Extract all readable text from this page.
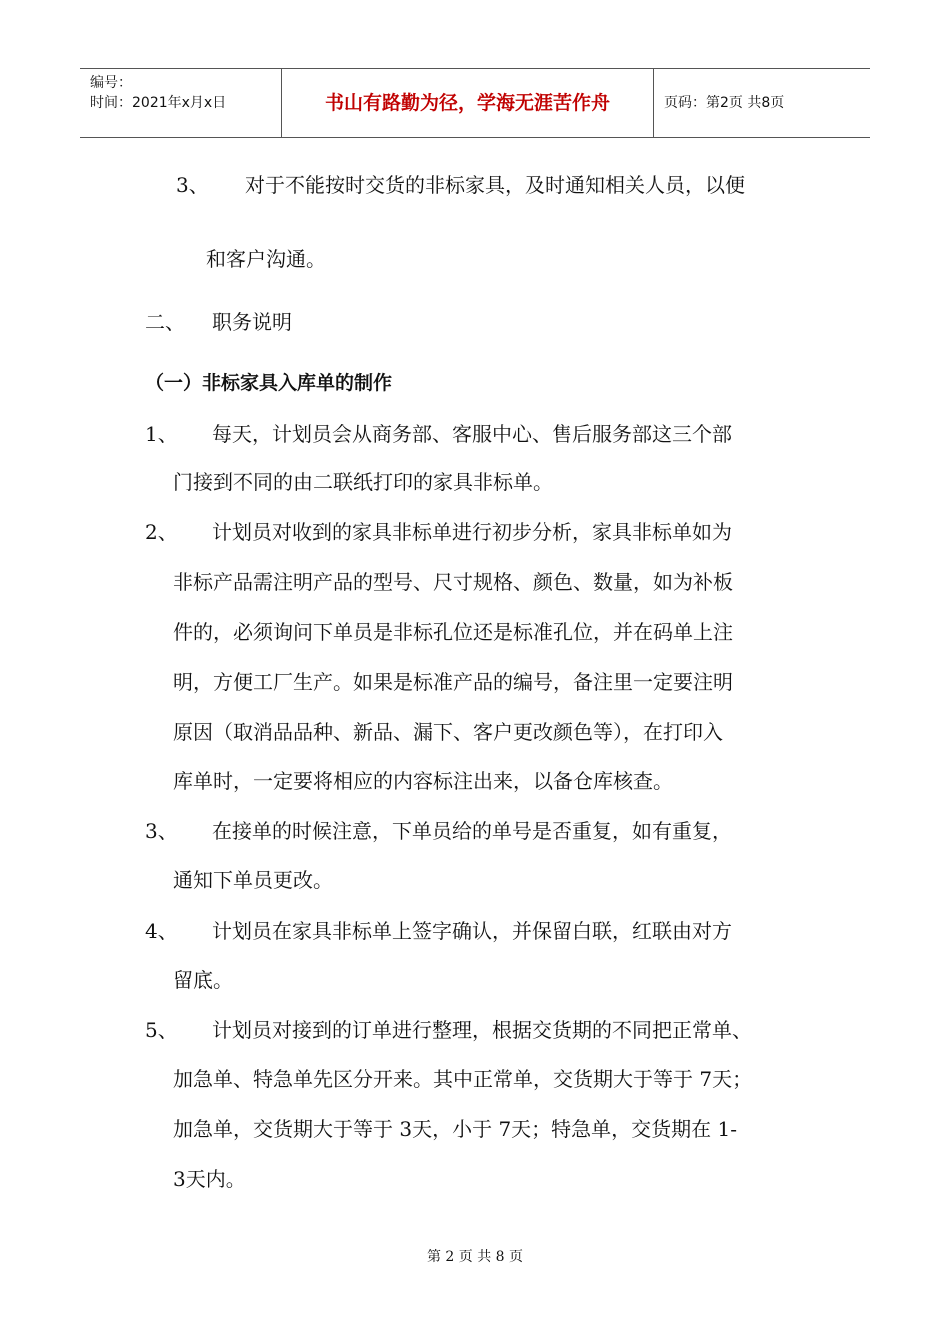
编号：
时间：2021年x月x日	书山有路勤为径，学海无涯苦作舟	页码：第2页 共8页
3、 对于不能按时交货的非标家具，及时通知相关人员，以便
和客户沟通。
二、 职务说明
（一）非标家具入库单的制作
1、 每天，计划员会从商务部、客服中心、售后服务部这三个部
门接到不同的由二联纸打印的家具非标单。
2、 计划员对收到的家具非标单进行初步分析，家具非标单如为
非标产品需注明产品的型号、尺寸规格、颜色、数量，如为补板
件的，必须询问下单员是非标孔位还是标准孔位，并在码单上注
明，方便工厂生产。如果是标准产品的编号，备注里一定要注明
原因（取消品品种、新品、漏下、客户更改颜色等），在打印入
库单时，一定要将相应的内容标注出来，以备仓库核查。
3、 在接单的时候注意，下单员给的单号是否重复，如有重复，
通知下单员更改。
4、 计划员在家具非标单上签字确认，并保留白联，红联由对方
留底。
5、 计划员对接到的订单进行整理，根据交货期的不同把正常单、
加急单、特急单先区分开来。其中正常单，交货期大于等于 7天；
加急单，交货期大于等于 3天，小于 7天；特急单，交货期在 1-
3天内。
第 2 页 共 8 页
